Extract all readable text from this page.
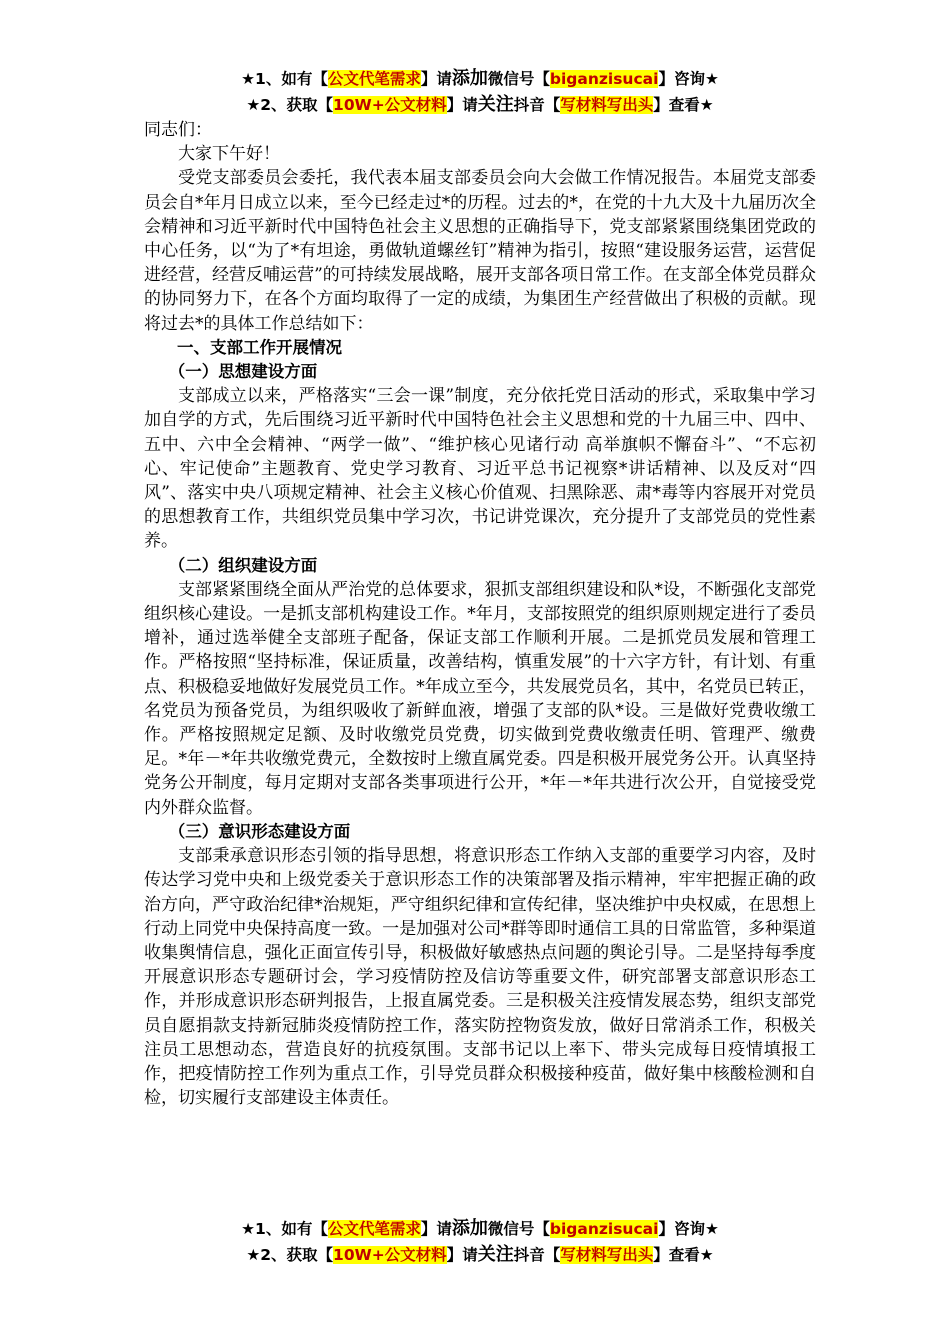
★1、如有【公文代笔需求】请添加微信号【biganzisucai】咨询★
★2、获取【10W+公文材料】请关注抖音【写材料写出头】查看★

同志们：

大家下午好！

受党支部委员会委托，我代表本届支部委员会向大会做工作情况报告。本届党支部委员会自*年月日成立以来，至今已经走过*的历程。过去的*，在党的十九大及十九届历次全会精神和习近平新时代中国特色社会主义思想的正确指导下，党支部紧紧围绕集团党政的中心任务，以“为了*有坦途，勇做轨道螺丝钉”精神为指引，按照“建设服务运营，运营促进经营，经营反哺运营”的可持续发展战略，展开支部各项日常工作。在支部全体党员群众的协同努力下，在各个方面均取得了一定的成绩，为集团生产经营做出了积极的贡献。现将过去*的具体工作总结如下：

一、支部工作开展情况

（一）思想建设方面

支部成立以来，严格落实“三会一课”制度，充分依托党日活动的形式，采取集中学习加自学的方式，先后围绕习近平新时代中国特色社会主义思想和党的十九届三中、四中、五中、六中全会精神、“两学一做”、“维护核心见诸行动 高举旗帜不懈奋斗”、“不忘初心、牢记使命”主题教育、党史学习教育、习近平总书记视察*讲话精神、以及反对“四风”、落实中央八项规定精神、社会主义核心价值观、扫黑除恶、肃*毒等内容展开对党员的思想教育工作，共组织党员集中学习次，书记讲党课次，充分提升了支部党员的党性素养。

（二）组织建设方面

支部紧紧围绕全面从严治党的总体要求，狠抓支部组织建设和队*设，不断强化支部党组织核心建设。一是抓支部机构建设工作。*年月，支部按照党的组织原则规定进行了委员增补，通过选举健全支部班子配备，保证支部工作顺利开展。二是抓党员发展和管理工作。严格按照“坚持标准，保证质量，改善结构，慎重发展”的十六字方针，有计划、有重点、积极稳妥地做好发展党员工作。*年成立至今，共发展党员名，其中，名党员已转正，名党员为预备党员，为组织吸收了新鲜血液，增强了支部的队*设。三是做好党费收缴工作。严格按照规定足额、及时收缴党员党费，切实做到党费收缴责任明、管理严、缴费足。*年－*年共收缴党费元，全数按时上缴直属党委。四是积极开展党务公开。认真坚持党务公开制度，每月定期对支部各类事项进行公开，*年－*年共进行次公开，自觉接受党内外群众监督。

（三）意识形态建设方面

支部秉承意识形态引领的指导思想，将意识形态工作纳入支部的重要学习内容，及时传达学习党中央和上级党委关于意识形态工作的决策部署及指示精神，牢牢把握正确的政治方向，严守政治纪律*治规矩，严守组织纪律和宣传纪律，坚决维护中央权威，在思想上行动上同党中央保持高度一致。一是加强对公司*群等即时通信工具的日常监管，多种渠道收集舆情信息，强化正面宣传引导，积极做好敏感热点问题的舆论引导。二是坚持每季度开展意识形态专题研讨会，学习疫情防控及信访等重要文件，研究部署支部意识形态工作，并形成意识形态研判报告，上报直属党委。三是积极关注疫情发展态势，组织支部党员自愿捐款支持新冠肺炎疫情防控工作，落实防控物资发放，做好日常消杀工作，积极关注员工思想动态，营造良好的抗疫氛围。支部书记以上率下、带头完成每日疫情填报工作，把疫情防控工作列为重点工作，引导党员群众积极接种疫苗，做好集中核酸检测和自检，切实履行支部建设主体责任。

★1、如有【公文代笔需求】请添加微信号【biganzisucai】咨询★
★2、获取【10W+公文材料】请关注抖音【写材料写出头】查看★
